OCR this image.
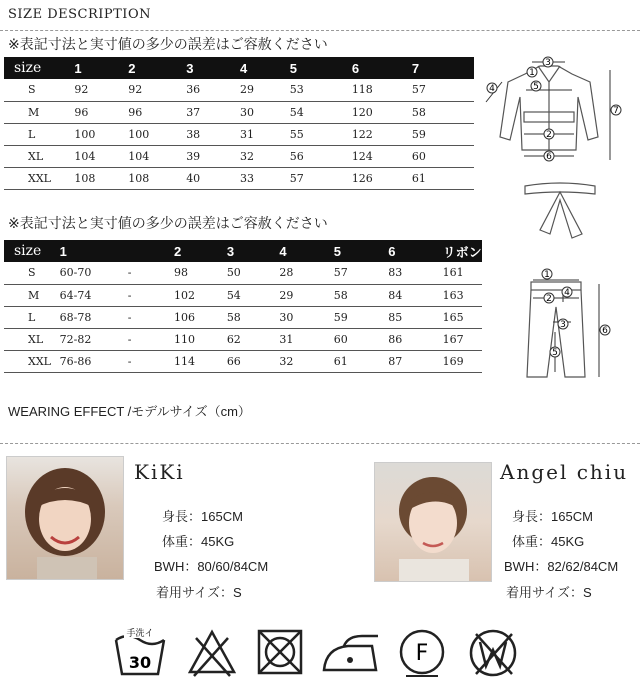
SIZE DESCRIPTION
※表記寸法と実寸値の多少の誤差はご容赦ください
size	1	2	3	4	5	6	7
S	92	92	36	29	53	118	57
M	96	96	37	30	54	120	58
L	100	100	38	31	55	122	59
XL	104	104	39	32	56	124	60
XXL	108	108	40	33	57	126	61
1
2
3
4	5
6
7
※表記寸法と実寸値の多少の誤差はご容赦ください
size	1		2	3	4	5	6	リボン
S	60-70	-	98	50	28	57	83	161
M	64-74	-	102	54	29	58	84	163
L	68-78	-	106	58	30	59	85	165
XL	72-82	-	110	62	31	60	86	167
XXL	76-86	-	114	66	32	61	87	169
1
2
3
4
5
6
WEARING EFFECT /モデルサイズ（cm）
KiKi
身長：165CM
体重：45KG
BWH：80/60/84CM
着用サイズ：S
Angel chiu
身長：165CM
体重：45KG
BWH：82/62/84CM
着用サイズ：S
手洗イ
30	F
